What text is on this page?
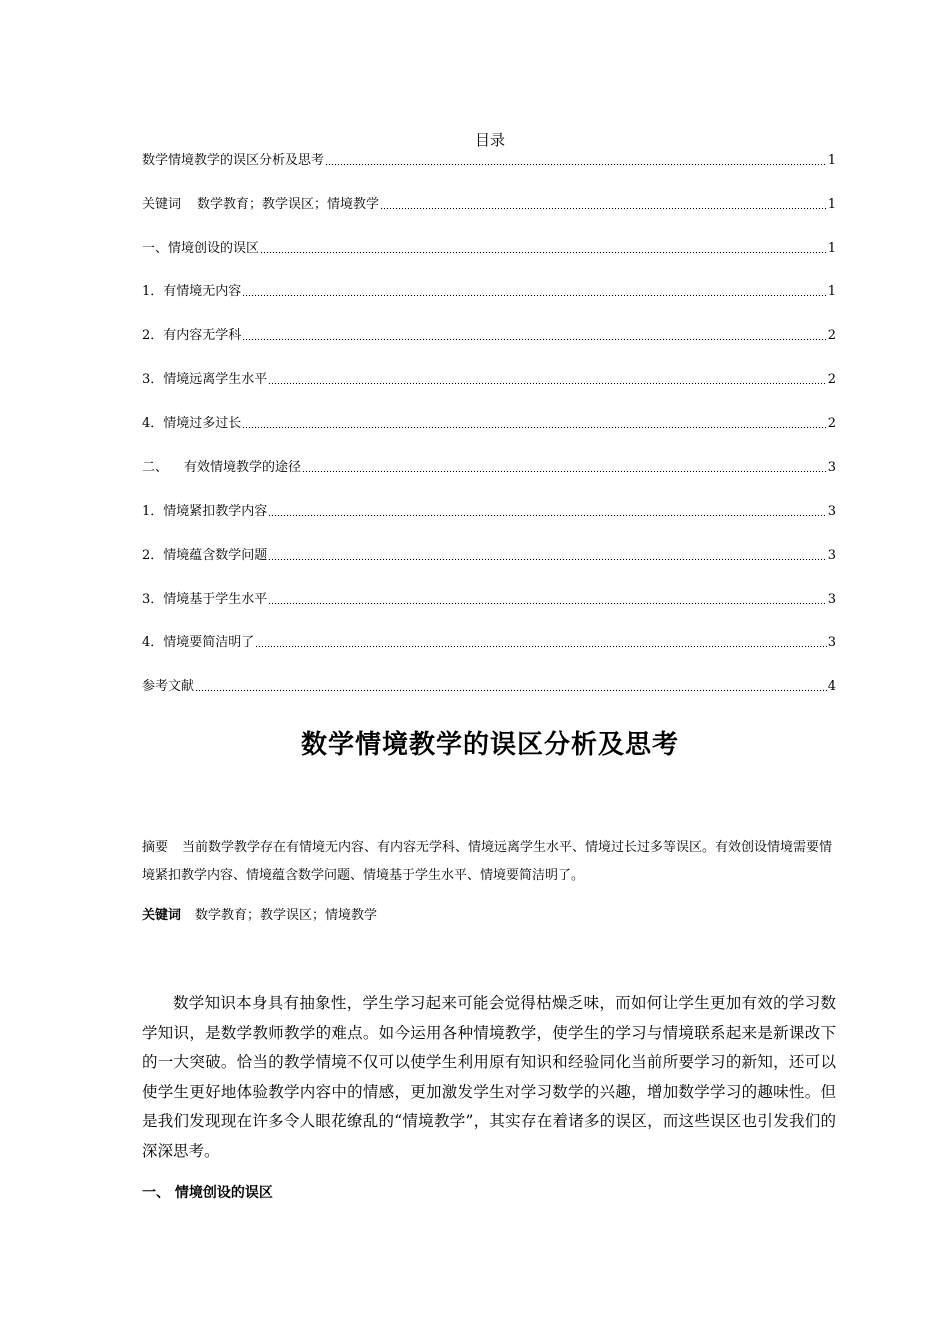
目录
数学情境教学的误区分析及思考	1
关键词 数学教育；教学误区；情境教学	1
一、情境创设的误区	1
1．有情境无内容	1
2．有内容无学科	2
3．情境远离学生水平	2
4．情境过多过长	2
二、 有效情境教学的途径	3
1．情境紧扣教学内容	3
2．情境蕴含数学问题	3
3．情境基于学生水平	3
4．情境要简洁明了	3
参考文献	4
数学情境教学的误区分析及思考
摘要 当前数学教学存在有情境无内容、有内容无学科、情境远离学生水平、情境过长过多等误区。有效创设情境需要情境紧扣教学内容、情境蕴含数学问题、情境基于学生水平、情境要简洁明了。
关键词 数学教育；教学误区；情境教学
数学知识本身具有抽象性，学生学习起来可能会觉得枯燥乏味，而如何让学生更加有效的学习数学知识，是数学教师教学的难点。如今运用各种情境教学，使学生的学习与情境联系起来是新课改下的一大突破。恰当的教学情境不仅可以使学生利用原有知识和经验同化当前所要学习的新知，还可以使学生更好地体验教学内容中的情感，更加激发学生对学习数学的兴趣，增加数学学习的趣味性。但是我们发现现在许多令人眼花缭乱的“情境教学”，其实存在着诸多的误区，而这些误区也引发我们的深深思考。
一、 情境创设的误区
